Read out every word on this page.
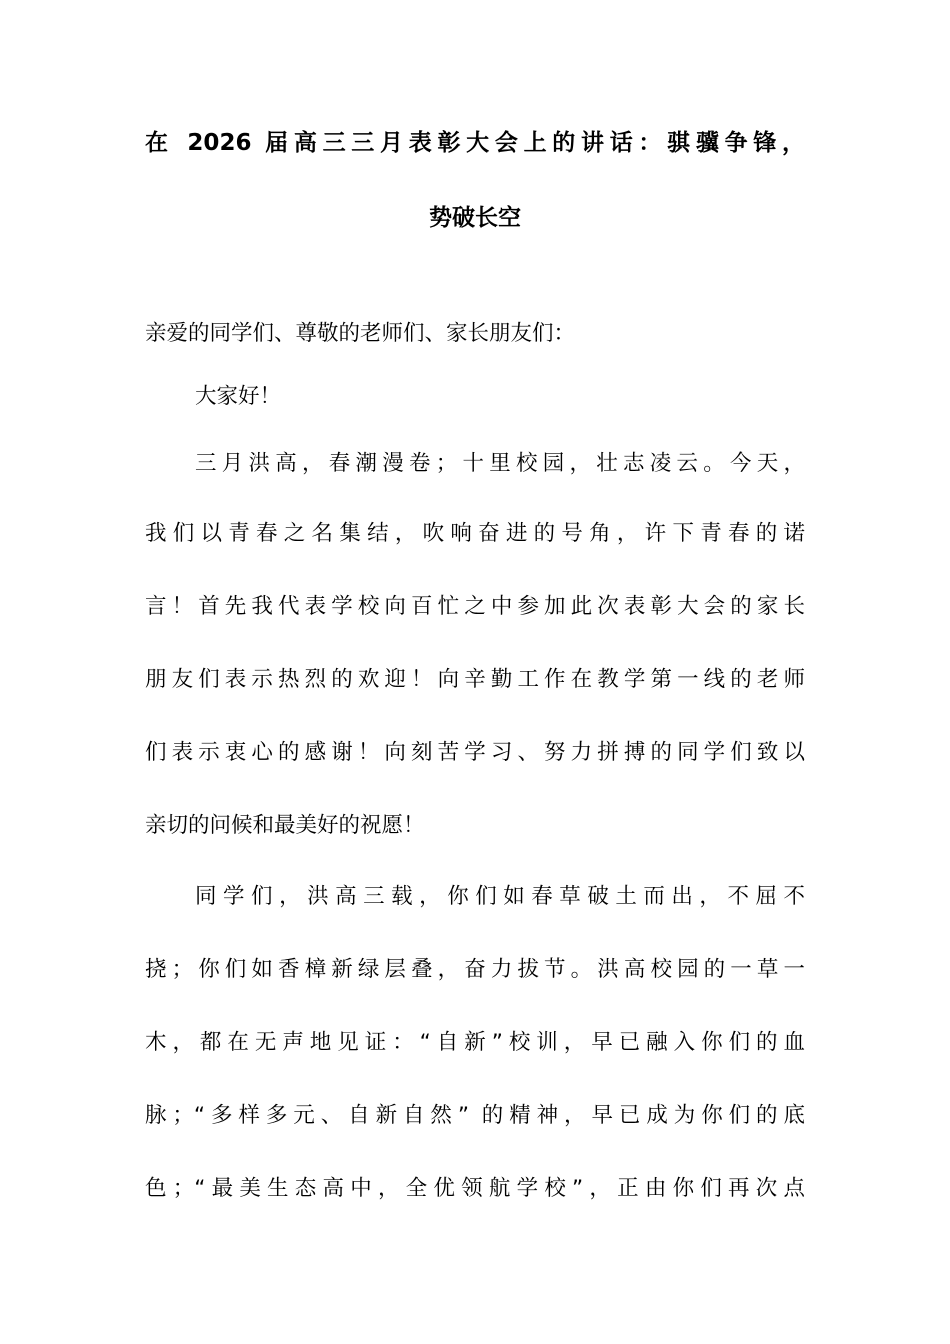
在 2026 届高三三月表彰大会上的讲话：骐骥争锋，
势破长空
亲爱的同学们、尊敬的老师们、家长朋友们：
大家好！
三月洪高，春潮漫卷；十里校园，壮志凌云。今天，
我们以青春之名集结，吹响奋进的号角，许下青春的诺
言！首先我代表学校向百忙之中参加此次表彰大会的家长
朋友们表示热烈的欢迎！向辛勤工作在教学第一线的老师
们表示衷心的感谢！向刻苦学习、努力拼搏的同学们致以
亲切的问候和最美好的祝愿！
同学们，洪高三载，你们如春草破土而出，不屈不
挠；你们如香樟新绿层叠，奋力拔节。洪高校园的一草一
木，都在无声地见证：“自新”校训，早已融入你们的血
脉；“多样多元、自新自然” 的精神，早已成为你们的底
色；“最美生态高中，全优领航学校”，正由你们再次点
